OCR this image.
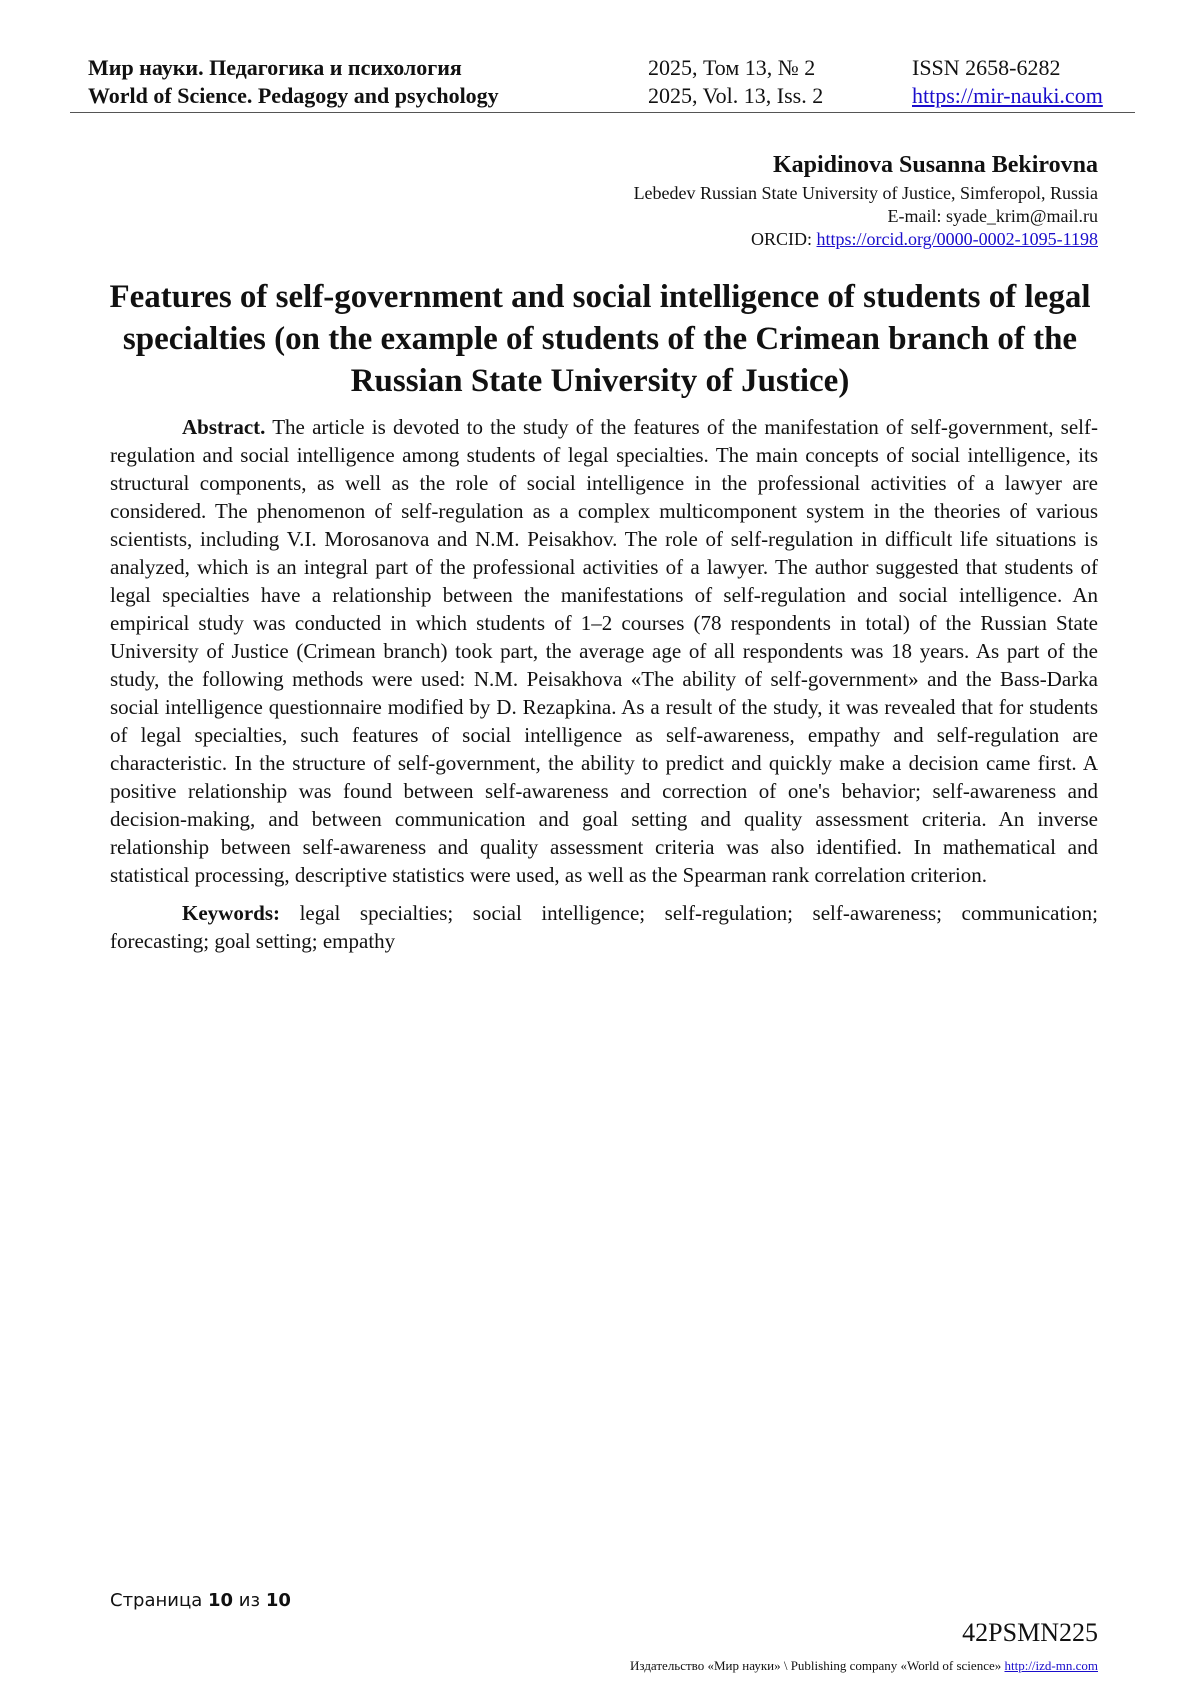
Мир науки. Педагогика и психология
World of Science. Pedagogy and psychology
2025, Том 13, № 2
2025, Vol. 13, Iss. 2
ISSN 2658-6282
https://mir-nauki.com
Kapidinova Susanna Bekirovna
Lebedev Russian State University of Justice, Simferopol, Russia
E-mail: syade_krim@mail.ru
ORCID: https://orcid.org/0000-0002-1095-1198
Features of self-government and social intelligence of students of legal specialties (on the example of students of the Crimean branch of the Russian State University of Justice)

Abstract. The article is devoted to the study of the features of the manifestation of self-government, self-regulation and social intelligence among students of legal specialties. The main concepts of social intelligence, its structural components, as well as the role of social intelligence in the professional activities of a lawyer are considered. The phenomenon of self-regulation as a complex multicomponent system in the theories of various scientists, including V.I. Morosanova and N.M. Peisakhov. The role of self-regulation in difficult life situations is analyzed, which is an integral part of the professional activities of a lawyer. The author suggested that students of legal specialties have a relationship between the manifestations of self-regulation and social intelligence. An empirical study was conducted in which students of 1–2 courses (78 respondents in total) of the Russian State University of Justice (Crimean branch) took part, the average age of all respondents was 18 years. As part of the study, the following methods were used: N.M. Peisakhova «The ability of self-government» and the Bass-Darka social intelligence questionnaire modified by D. Rezapkina. As a result of the study, it was revealed that for students of legal specialties, such features of social intelligence as self-awareness, empathy and self-regulation are characteristic. In the structure of self-government, the ability to predict and quickly make a decision came first. A positive relationship was found between self-awareness and correction of one's behavior; self-awareness and decision-making, and between communication and goal setting and quality assessment criteria. An inverse relationship between self-awareness and quality assessment criteria was also identified. In mathematical and statistical processing, descriptive statistics were used, as well as the Spearman rank correlation criterion.

Keywords: legal specialties; social intelligence; self-regulation; self-awareness; communication; forecasting; goal setting; empathy

Страница 10 из 10
42PSMN225
Издательство «Мир науки» \ Publishing company «World of science» http://izd-mn.com
